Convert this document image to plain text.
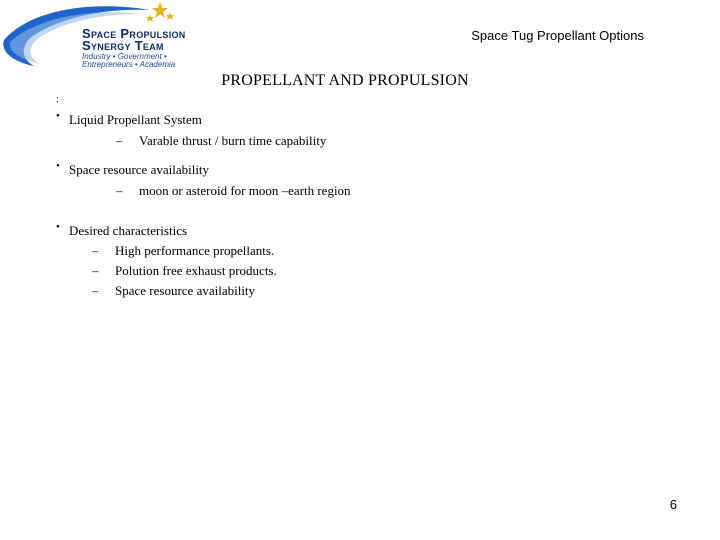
Space Propulsion
Synergy Team
Industry • Government •
Entrepreneurs • Academia
Space Tug Propellant Options
PROPELLANT AND PROPULSION
:
• Liquid Propellant System
– Varable thrust / burn time capability
• Space resource availability
– moon or asteroid for moon –earth region
• Desired characteristics
– High performance propellants.
– Polution free exhaust products.
– Space resource availability
6
